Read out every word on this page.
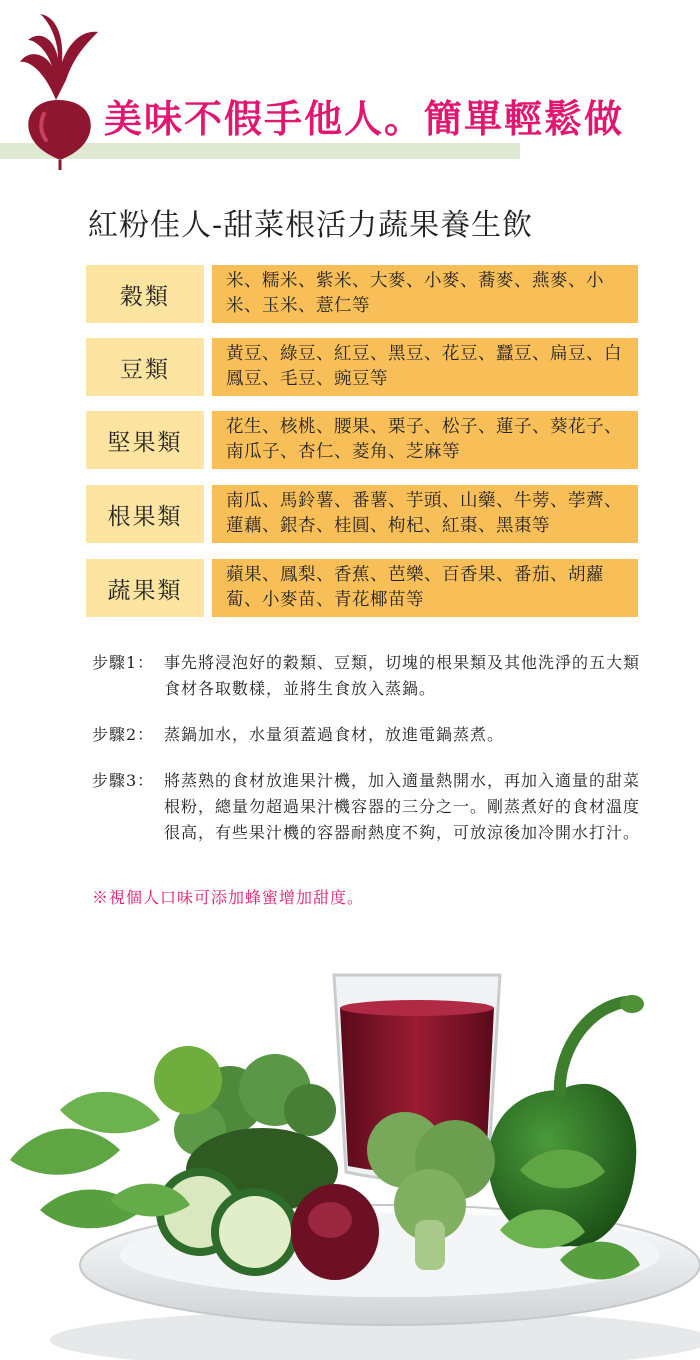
美味不假手他人。簡單輕鬆做
紅粉佳人-甜菜根活力蔬果養生飲
穀類
米、糯米、紫米、大麥、小麥、蕎麥、燕麥、小米、玉米、薏仁等
豆類
黃豆、綠豆、紅豆、黑豆、花豆、蠶豆、扁豆、白鳳豆、毛豆、豌豆等
堅果類
花生、核桃、腰果、栗子、松子、蓮子、葵花子、南瓜子、杏仁、菱角、芝麻等
根果類
南瓜、馬鈴薯、番薯、芋頭、山藥、牛蒡、荸薺、蓮藕、銀杏、桂圓、枸杞、紅棗、黑棗等
蔬果類
蘋果、鳳梨、香蕉、芭樂、百香果、番茄、胡蘿蔔、小麥苗、青花椰苗等
步驟1： 事先將浸泡好的穀類、豆類，切塊的根果類及其他洗淨的五大類食材各取數樣，並將生食放入蒸鍋。
步驟2： 蒸鍋加水，水量須蓋過食材，放進電鍋蒸煮。
步驟3： 將蒸熟的食材放進果汁機，加入適量熱開水，再加入適量的甜菜根粉，總量勿超過果汁機容器的三分之一。剛蒸煮好的食材溫度很高，有些果汁機的容器耐熱度不夠，可放涼後加冷開水打汁。
※視個人口味可添加蜂蜜增加甜度。
